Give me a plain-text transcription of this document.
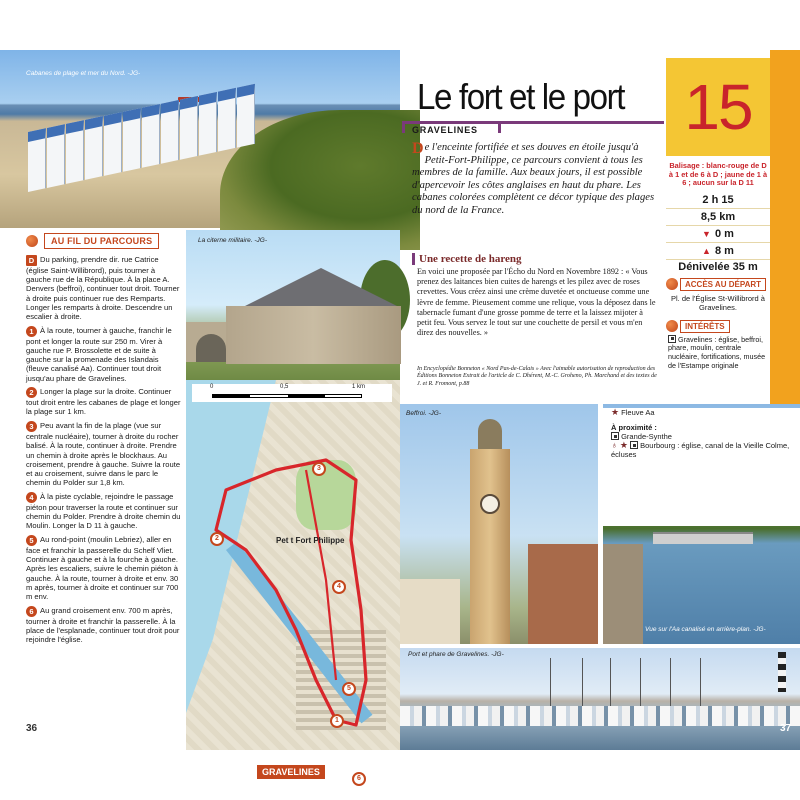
Cabanes de plage et mer du Nord. -JG-
AU FIL DU PARCOURS
D Du parking, prendre dir. rue Catrice (église Saint-Willibrord), puis tourner à gauche rue de la République. À la place A. Denvers (beffroi), continuer tout droit. Tourner à droite puis continuer rue des Remparts. Longer les remparts à droite. Descendre un escalier à droite.
1 À la route, tourner à gauche, franchir le pont et longer la route sur 250 m. Virer à gauche rue P. Brossolette et de suite à gauche sur la promenade des Islandais (fleuve canalisé Aa). Continuer tout droit jusqu'au phare de Gravelines.
2 Longer la plage sur la droite. Continuer tout droit entre les cabanes de plage et longer la plage sur 1 km.
3 Peu avant la fin de la plage (vue sur centrale nucléaire), tourner à droite du rocher balisé. À la route, continuer à droite. Prendre un chemin à droite après le blockhaus. Au croisement, prendre à gauche. Suivre la route et au croisement, suivre dans le parc le chemin du Polder sur 1,8 km.
4 À la piste cyclable, rejoindre le passage piéton pour traverser la route et continuer sur chemin du Polder. Prendre à droite chemin du Moulin. Longer la D 11 à gauche.
5 Au rond-point (moulin Lebriez), aller en face et franchir la passerelle du Schelf Vliet. Continuer à gauche et à la fourche à gauche. Après les escaliers, suivre le chemin piéton à gauche. À la route, tourner à droite et env. 30 m après, tourner à droite et continuer sur 700 m env.
6 Au grand croisement env. 700 m après, tourner à droite et franchir la passerelle. À la place de l'esplanade, continuer tout droit pour rejoindre l'église.
36
La citerne militaire. -JG-
0	0,5	1 km
Pet t Fort Philippe
2
3
4
5
1
6
GRAVELINES
Le fort et le port
GRAVELINES	15
De l'enceinte fortifiée et ses douves en étoile jusqu'à Petit-Fort-Philippe, ce parcours convient à tous les membres de la famille. Aux beaux jours, il est possible d'apercevoir les côtes anglaises en haut du phare. Les cabanes colorées complètent ce décor typique des plages du nord de la France.
Une recette de hareng
En voici une proposée par l'Écho du Nord en Novembre 1892 : « Vous prenez des laitances bien cuites de harengs et les pilez avec de roses crevettes. Vous créez ainsi une crème duvetée et onctueuse comme une lèvre de femme. Pieusement comme une relique, vous la déposez dans le tabernacle fumant d'une grosse pomme de terre et la laissez mijoter à petit feu. Vous servez le tout sur une couchette de persil et vous m'en direz des nouvelles. »
In Encyclopédie Bonneton « Nord Pas-de-Calais » Avec l'aimable autorisation de reproduction des Éditions Bonneton Extrait de l'article de C. Dhérent, M.-C. Groheno, Ph. Marchand et des textes de J. et R. Fromont, p.88
Balisage : blanc-rouge de D à 1 et de 6 à D ; jaune de 1 à 6 ; aucun sur la D 11
2 h 15
8,5 km
▼ 0 m
▲ 8 m
Dénivelée 35 m
ACCÈS AU DÉPART
Pl. de l'Église St-Willibrord à Gravelines.
INTÉRÊTS
Gravelines : église, beffroi, phare, moulin, centrale nucléaire, fortifications, musée de l'Estampe originale
Beffroi. -JG-	★ Fleuve Aa
À proximité :
Grande-Synthe
♁ ★ Bourbourg : église, canal de la Vieille Colme, écluses
Vue sur l'Aa canalisé en arrière-plan. -JG-
Port et phare de Gravelines. -JG-
37
